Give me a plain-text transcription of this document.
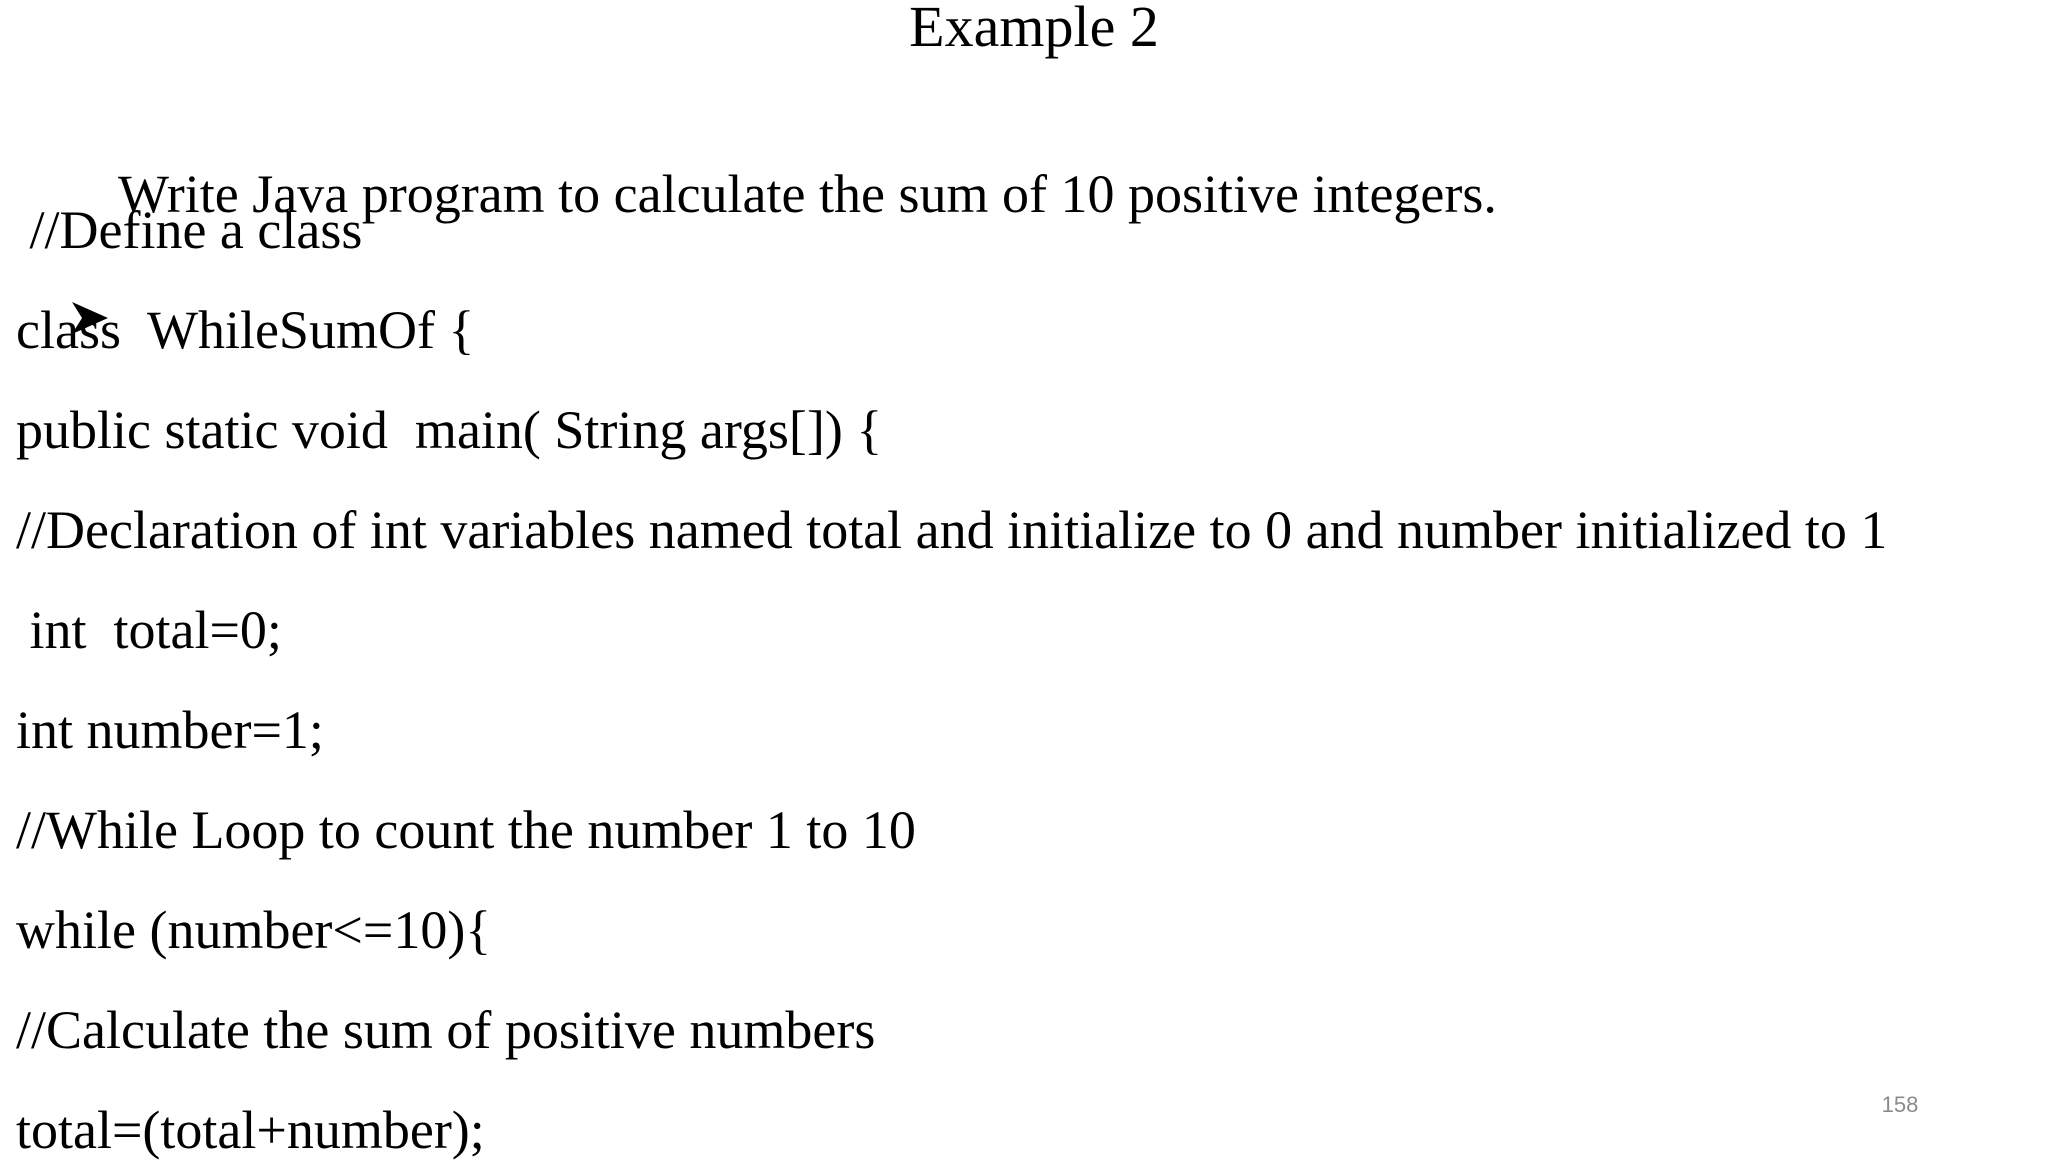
Example 2

Write Java program to calculate the sum of 10 positive integers.

//Define a class
class  WhileSumOf {
public static void  main( String args[]) {
//Declaration of int variables named total and initialize to 0 and number initialized to 1
int  total=0;
int number=1;
//While Loop to count the number 1 to 10
while (number<=10){
//Calculate the sum of positive numbers
total=(total+number);	158
